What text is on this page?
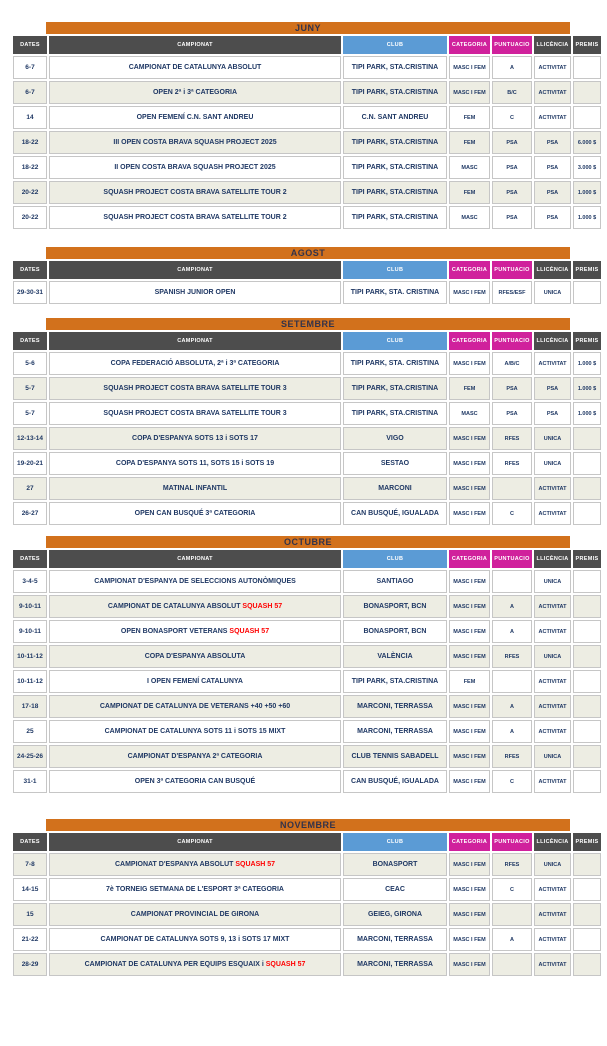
JUNY
DATES	CAMPIONAT	CLUB	CATEGORIA	PUNTUACIO	LLICÈNCIA	PREMIS
6-7	CAMPIONAT DE CATALUNYA ABSOLUT	TIPI PARK, STA.CRISTINA	MASC I FEM	A	ACTIVITAT	
6-7	OPEN 2ª i 3ª CATEGORIA	TIPI PARK, STA.CRISTINA	MASC I FEM	B/C	ACTIVITAT	
14	OPEN FEMENÍ C.N. SANT ANDREU	C.N. SANT ANDREU	FEM	C	ACTIVITAT	
18-22	III OPEN COSTA BRAVA SQUASH PROJECT 2025	TIPI PARK, STA.CRISTINA	FEM	PSA	PSA	6.000 $
18-22	II OPEN COSTA BRAVA SQUASH PROJECT 2025	TIPI PARK, STA.CRISTINA	MASC	PSA	PSA	3.000 $
20-22	SQUASH PROJECT COSTA BRAVA SATELLITE TOUR 2	TIPI PARK, STA.CRISTINA	FEM	PSA	PSA	1.000 $
20-22	SQUASH PROJECT COSTA BRAVA SATELLITE TOUR 2	TIPI PARK, STA.CRISTINA	MASC	PSA	PSA	1.000 $
AGOST
DATES	CAMPIONAT	CLUB	CATEGORIA	PUNTUACIO	LLICÈNCIA	PREMIS
29-30-31	SPANISH JUNIOR OPEN	TIPI PARK, STA. CRISTINA	MASC I FEM	RFES/ESF	UNICA	
SETEMBRE
DATES	CAMPIONAT	CLUB	CATEGORIA	PUNTUACIO	LLICÈNCIA	PREMIS
5-6	COPA FEDERACIÓ ABSOLUTA, 2ª i 3ª CATEGORIA	TIPI PARK, STA. CRISTINA	MASC I FEM	A/B/C	ACTIVITAT	1.000 $
5-7	SQUASH PROJECT COSTA BRAVA SATELLITE TOUR 3	TIPI PARK, STA.CRISTINA	FEM	PSA	PSA	1.000 $
5-7	SQUASH PROJECT COSTA BRAVA SATELLITE TOUR 3	TIPI PARK, STA.CRISTINA	MASC	PSA	PSA	1.000 $
12-13-14	COPA D'ESPANYA SOTS 13 i SOTS 17	VIGO	MASC I FEM	RFES	UNICA	
19-20-21	COPA D'ESPANYA SOTS 11, SOTS 15 i SOTS 19	SESTAO	MASC I FEM	RFES	UNICA	
27	MATINAL INFANTIL	MARCONI	MASC I FEM		ACTIVITAT	
26-27	OPEN CAN BUSQUÉ 3ª CATEGORIA	CAN BUSQUÉ, IGUALADA	MASC I FEM	C	ACTIVITAT	
OCTUBRE
DATES	CAMPIONAT	CLUB	CATEGORIA	PUNTUACIO	LLICÈNCIA	PREMIS
3-4-5	CAMPIONAT D'ESPANYA DE SELECCIONS AUTONÒMIQUES	SANTIAGO	MASC I FEM		UNICA	
9-10-11	CAMPIONAT DE CATALUNYA ABSOLUT SQUASH 57	BONASPORT, BCN	MASC I FEM	A	ACTIVITAT	
9-10-11	OPEN BONASPORT VETERANS SQUASH 57	BONASPORT, BCN	MASC I FEM	A	ACTIVITAT	
10-11-12	COPA D'ESPANYA ABSOLUTA	VALÈNCIA	MASC I FEM	RFES	UNICA	
10-11-12	I OPEN FEMENÍ CATALUNYA	TIPI PARK, STA.CRISTINA	FEM		ACTIVITAT	
17-18	CAMPIONAT DE CATALUNYA DE VETERANS +40 +50 +60	MARCONI, TERRASSA	MASC I FEM	A	ACTIVITAT	
25	CAMPIONAT DE CATALUNYA SOTS 11 i SOTS 15 MIXT	MARCONI, TERRASSA	MASC I FEM	A	ACTIVITAT	
24-25-26	CAMPIONAT D'ESPANYA 2ª CATEGORIA	CLUB TENNIS SABADELL	MASC I FEM	RFES	UNICA	
31-1	OPEN 3ª CATEGORIA CAN BUSQUÉ	CAN BUSQUÉ, IGUALADA	MASC I FEM	C	ACTIVITAT	
NOVEMBRE
DATES	CAMPIONAT	CLUB	CATEGORIA	PUNTUACIO	LLICÈNCIA	PREMIS
7-8	CAMPIONAT D'ESPANYA ABSOLUT SQUASH 57	BONASPORT	MASC I FEM	RFES	UNICA	
14-15	7è TORNEIG SETMANA DE L'ESPORT 3ª CATEGORIA	CEAC	MASC I FEM	C	ACTIVITAT	
15	CAMPIONAT PROVINCIAL DE GIRONA	GEIEG, GIRONA	MASC I FEM		ACTIVITAT	
21-22	CAMPIONAT DE CATALUNYA SOTS 9, 13 i SOTS 17 MIXT	MARCONI, TERRASSA	MASC I FEM	A	ACTIVITAT	
28-29	CAMPIONAT DE CATALUNYA PER EQUIPS ESQUAIX i SQUASH 57	MARCONI, TERRASSA	MASC I FEM		ACTIVITAT	
